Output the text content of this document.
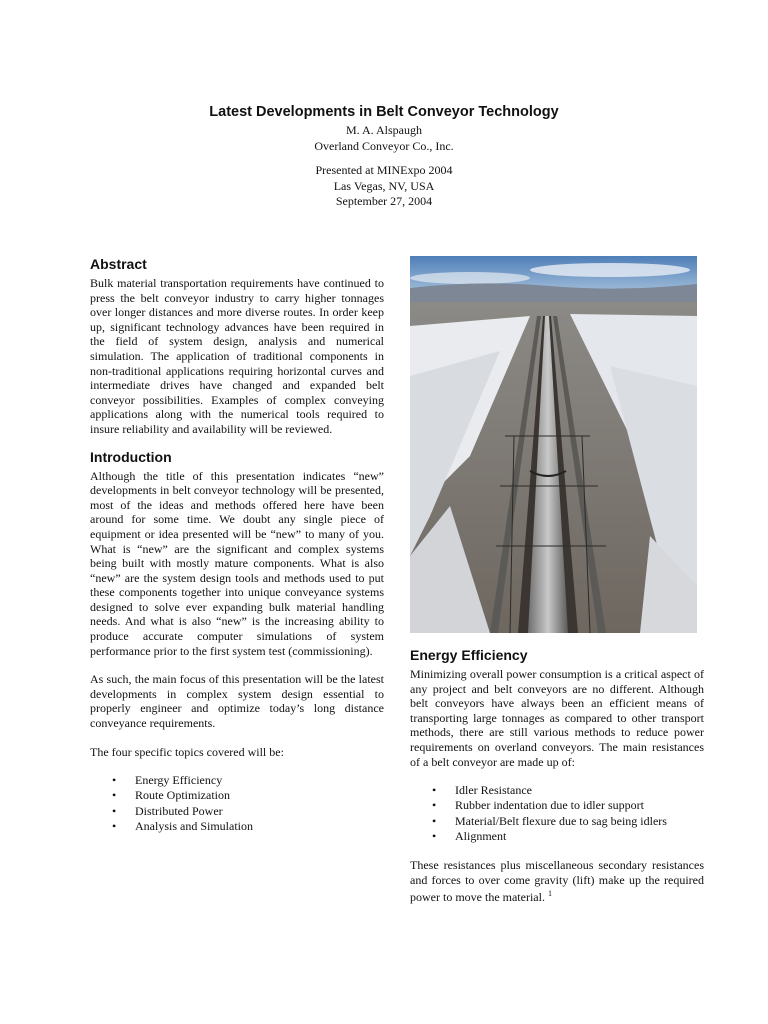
Latest Developments in Belt Conveyor Technology
M. A. Alspaugh
Overland Conveyor Co., Inc.
Presented at MINExpo 2004
Las Vegas, NV, USA
September 27, 2004
Abstract

Bulk material transportation requirements have continued to press the belt conveyor industry to carry higher tonnages over longer distances and more diverse routes. In order keep up, significant technology advances have been required in the field of system design, analysis and numerical simulation. The application of traditional components in non-traditional applications requiring horizontal curves and intermediate drives have changed and expanded belt conveyor possibilities. Examples of complex conveying applications along with the numerical tools required to insure reliability and availability will be reviewed.

Introduction

Although the title of this presentation indicates “new” developments in belt conveyor technology will be presented, most of the ideas and methods offered here have been around for some time. We doubt any single piece of equipment or idea presented will be “new” to many of you. What is “new” are the significant and complex systems being built with mostly mature components. What is also “new” are the system design tools and methods used to put these components together into unique conveyance systems designed to solve ever expanding bulk material handling needs. And what is also “new” is the increasing ability to produce accurate computer simulations of system performance prior to the first system test (commissioning).

As such, the main focus of this presentation will be the latest developments in complex system design essential to properly engineer and optimize today’s long distance conveyance requirements.

The four specific topics covered will be:

• Energy Efficiency
• Route Optimization
• Distributed Power
• Analysis and Simulation
Energy Efficiency

Minimizing overall power consumption is a critical aspect of any project and belt conveyors are no different. Although belt conveyors have always been an efficient means of transporting large tonnages as compared to other transport methods, there are still various methods to reduce power requirements on overland conveyors. The main resistances of a belt conveyor are made up of:

• Idler Resistance
• Rubber indentation due to idler support
• Material/Belt flexure due to sag being idlers
• Alignment

These resistances plus miscellaneous secondary resistances and forces to over come gravity (lift) make up the required power to move the material. $^1$
